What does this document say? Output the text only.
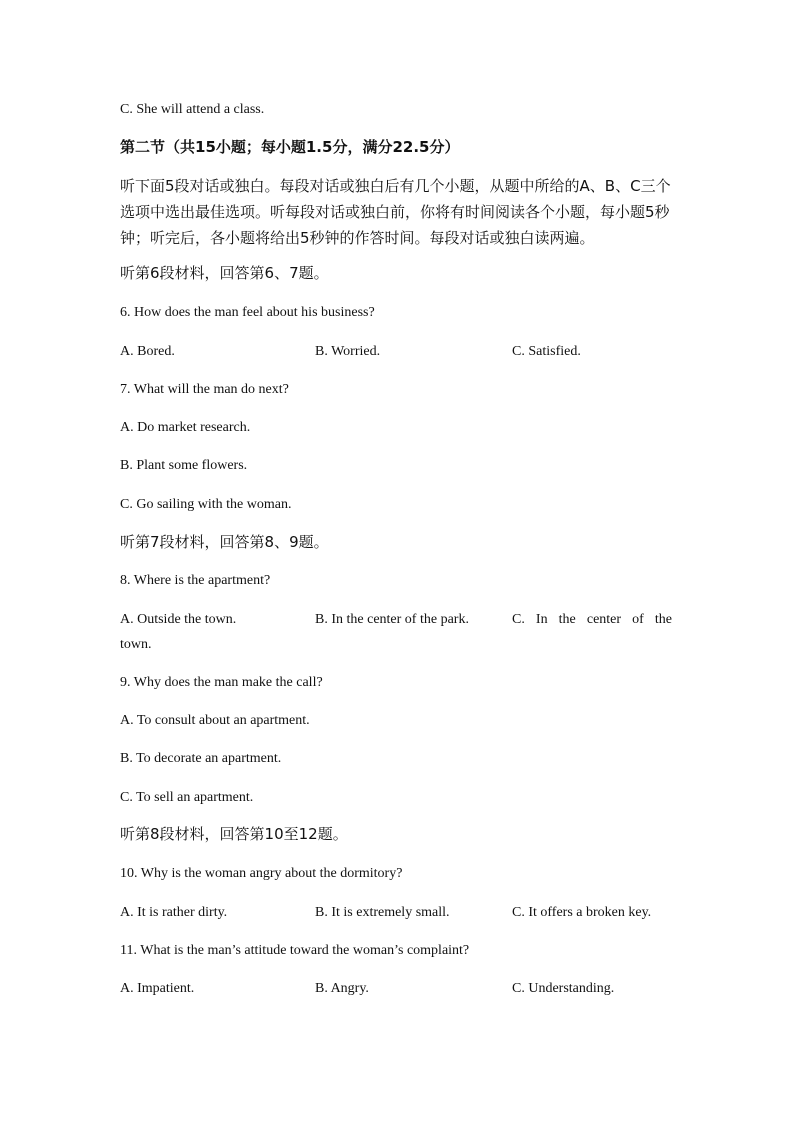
C. She will attend a class.
第二节（共15小题；每小题1.5分，满分22.5分）
听下面5段对话或独白。每段对话或独白后有几个小题，从题中所给的A、B、C三个选项中选出最佳选项。听每段对话或独白前，你将有时间阅读各个小题，每小题5秒钟；听完后，各小题将给出5秒钟的作答时间。每段对话或独白读两遍。
听第6段材料，回答第6、7题。
6. How does the man feel about his business?
A. Bored.	B. Worried.	C. Satisfied.
7. What will the man do next?
A. Do market research.
B. Plant some flowers.
C. Go sailing with the woman.
听第7段材料，回答第8、9题。
8. Where is the apartment?
A. Outside the town.	B. In the center of the park.	C. In the center of the
town.
9. Why does the man make the call?
A. To consult about an apartment.
B. To decorate an apartment.
C. To sell an apartment.
听第8段材料，回答第10至12题。
10. Why is the woman angry about the dormitory?
A. It is rather dirty.	B. It is extremely small.	C. It offers a broken key.
11. What is the man’s attitude toward the woman’s complaint?
A. Impatient.	B. Angry.	C. Understanding.
